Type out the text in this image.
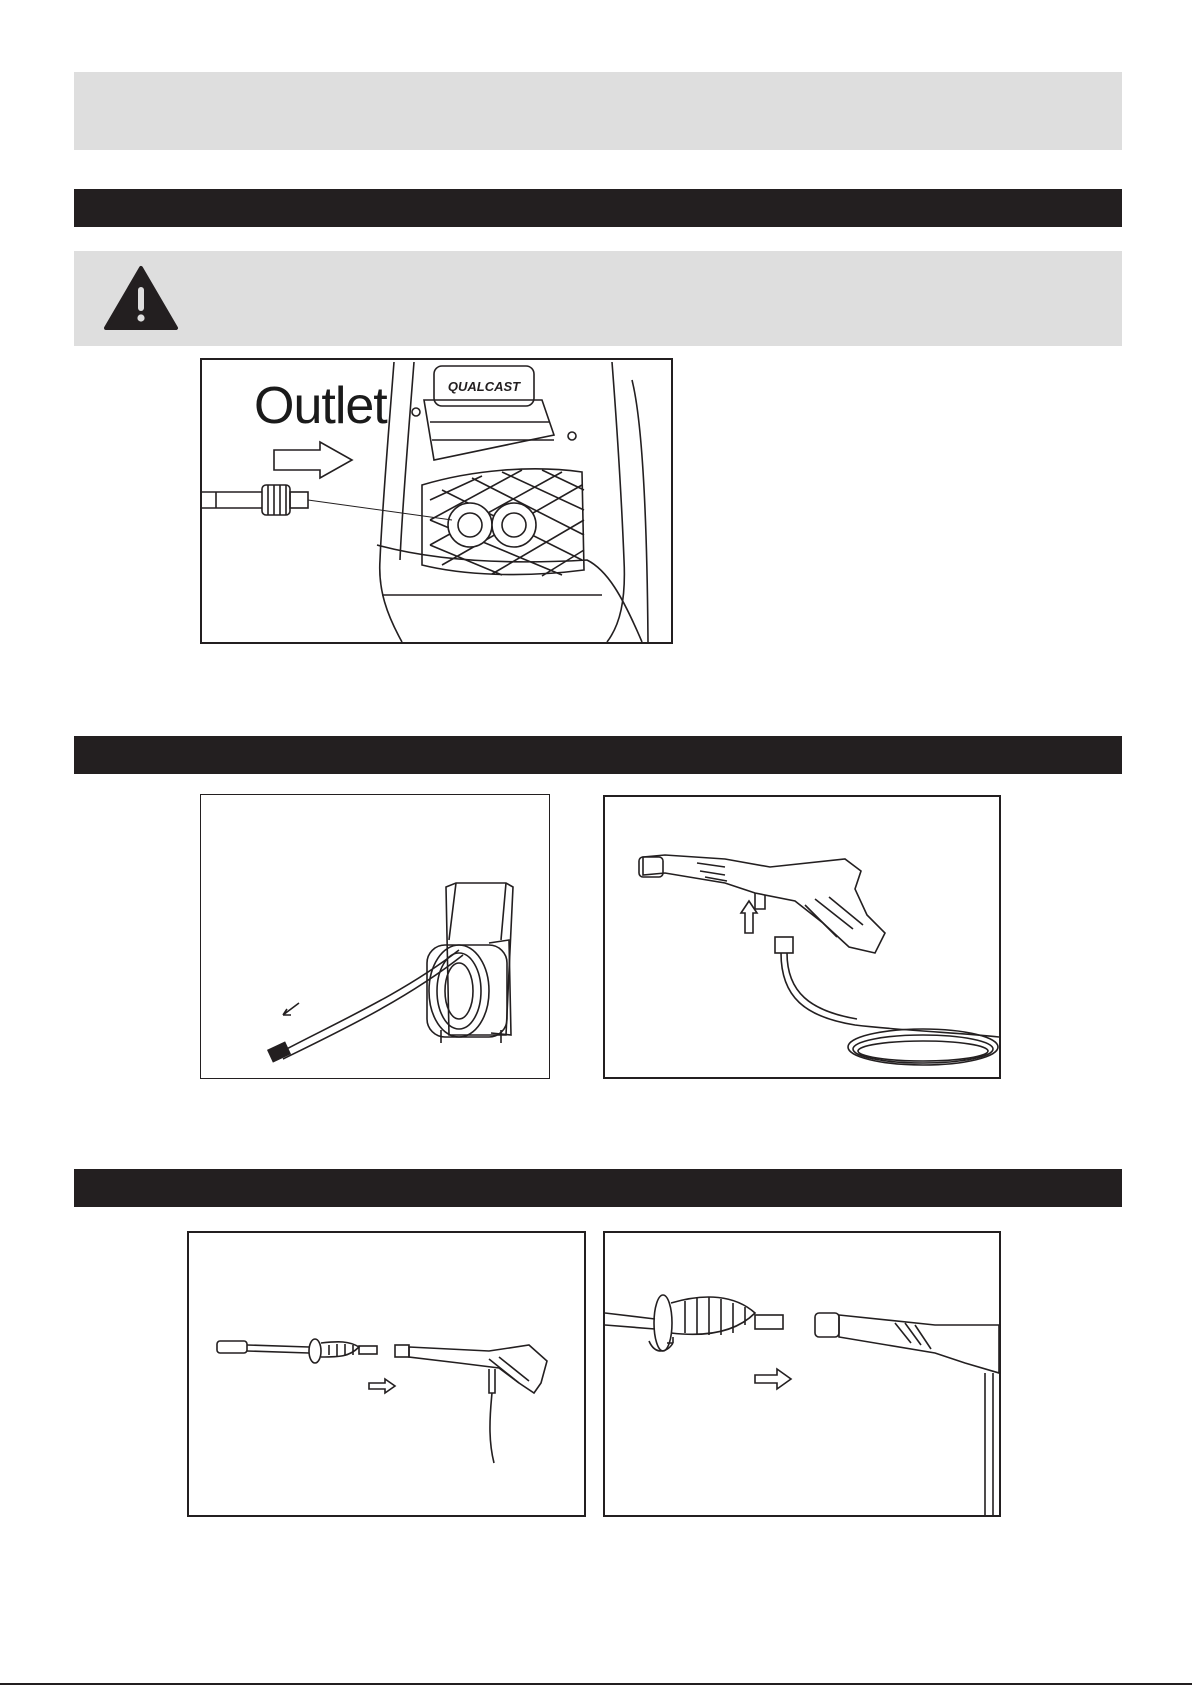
QUALCAST
Outlet
